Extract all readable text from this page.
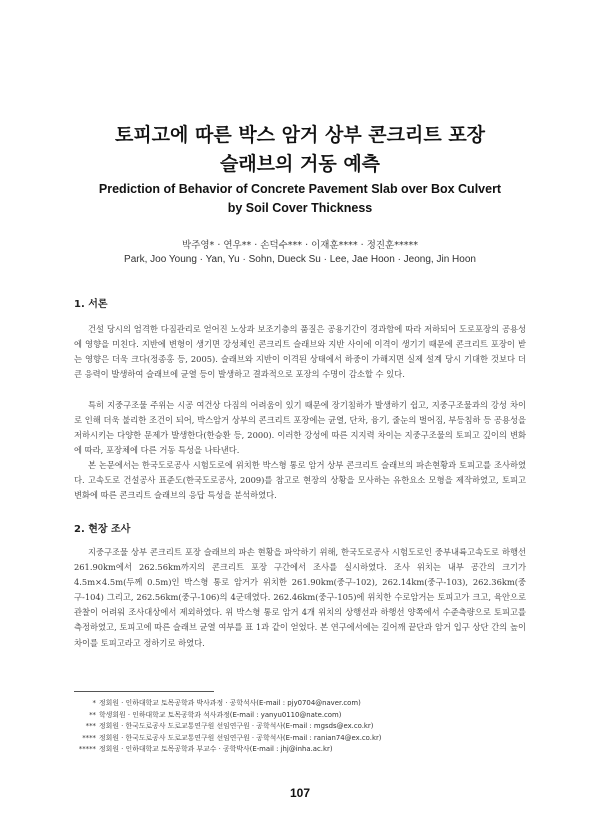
토피고에 따른 박스 암거 상부 콘크리트 포장
슬래브의 거동 예측
Prediction of Behavior of Concrete Pavement Slab over Box Culvert
by Soil Cover Thickness
박주영* · 연우** · 손덕수*** · 이재훈**** · 정진훈*****
Park, Joo Young · Yan, Yu · Sohn, Dueck Su · Lee, Jae Hoon · Jeong, Jin Hoon
1. 서론

건설 당시의 엄격한 다짐관리로 얻어진 노상과 보조기층의 품질은 공용기간이 경과함에 따라 저하되어 도로포장의 공용성에 영향을 미친다. 지반에 변형이 생기면 강성체인 콘크리트 슬래브와 지반 사이에 이격이 생기기 때문에 콘크리트 포장이 받는 영향은 더욱 크다(정종홍 등, 2005). 슬래브와 지반이 이격된 상태에서 하중이 가해지면 실제 설계 당시 기대한 것보다 더 큰 응력이 발생하여 슬래브에 균열 등이 발생하고 결과적으로 포장의 수명이 감소할 수 있다.

특히 지중구조물 주위는 시공 여건상 다짐의 어려움이 있기 때문에 장기침하가 발생하기 쉽고, 지중구조물과의 강성 차이로 인해 더욱 불리한 조건이 되어, 박스암거 상부의 콘크리트 포장에는 균열, 단차, 융기, 줄눈의 벌어짐, 부등침하 등 공용성을 저하시키는 다양한 문제가 발생한다(한승환 등, 2000). 이러한 강성에 따른 지지력 차이는 지중구조물의 토피고 깊이의 변화에 따라, 포장체에 다른 거동 특성을 나타낸다.

본 논문에서는 한국도로공사 시험도로에 위치한 박스형 통로 암거 상부 콘크리트 슬래브의 파손현황과 토피고를 조사하였다. 고속도로 건설공사 표준도(한국도로공사, 2009)를 참고로 현장의 상황을 모사하는 유한요소 모형을 제작하였고, 토피고 변화에 따른 콘크리트 슬래브의 응답 특성을 분석하였다.

2. 현장 조사

지중구조물 상부 콘크리트 포장 슬래브의 파손 현황을 파악하기 위해, 한국도로공사 시험도로인 중부내륙고속도로 하행선 261.90km에서 262.56km까지의 콘크리트 포장 구간에서 조사를 실시하였다. 조사 위치는 내부 공간의 크기가 4.5m×4.5m(두께 0.5m)인 박스형 통로 암거가 위치한 261.90km(중구-102), 262.14km(중구-103), 262.36km(중구-104) 그리고, 262.56km(중구-106)의 4군데였다. 262.46km(중구-105)에 위치한 수로암거는 토피고가 크고, 육안으로 관찰이 어려워 조사대상에서 제외하였다. 위 박스형 통로 암거 4개 위치의 상행선과 하행선 양쪽에서 수준측량으로 토피고를 측정하였고, 토피고에 따른 슬래브 균열 여부를 표 1과 같이 얻었다. 본 연구에서에는 길어깨 끝단과 암거 입구 상단 간의 높이 차이를 토피고라고 정하기로 하였다.

* 정회원 · 인하대학교 토목공학과 박사과정 · 공학석사(E-mail : pjy0704@naver.com)
** 학생회원 · 인하대학교 토목공학과 석사과정(E-mail : yanyu0110@nate.com)
*** 정회원 · 한국도로공사 도로교통연구원 선임연구원 · 공학석사(E-mail : mgsds@ex.co.kr)
**** 정회원 · 한국도로공사 도로교통연구원 선임연구원 · 공학석사(E-mail : ranian74@ex.co.kr)
***** 정회원 · 인하대학교 토목공학과 부교수 · 공학박사(E-mail : jhj@inha.ac.kr)

107
